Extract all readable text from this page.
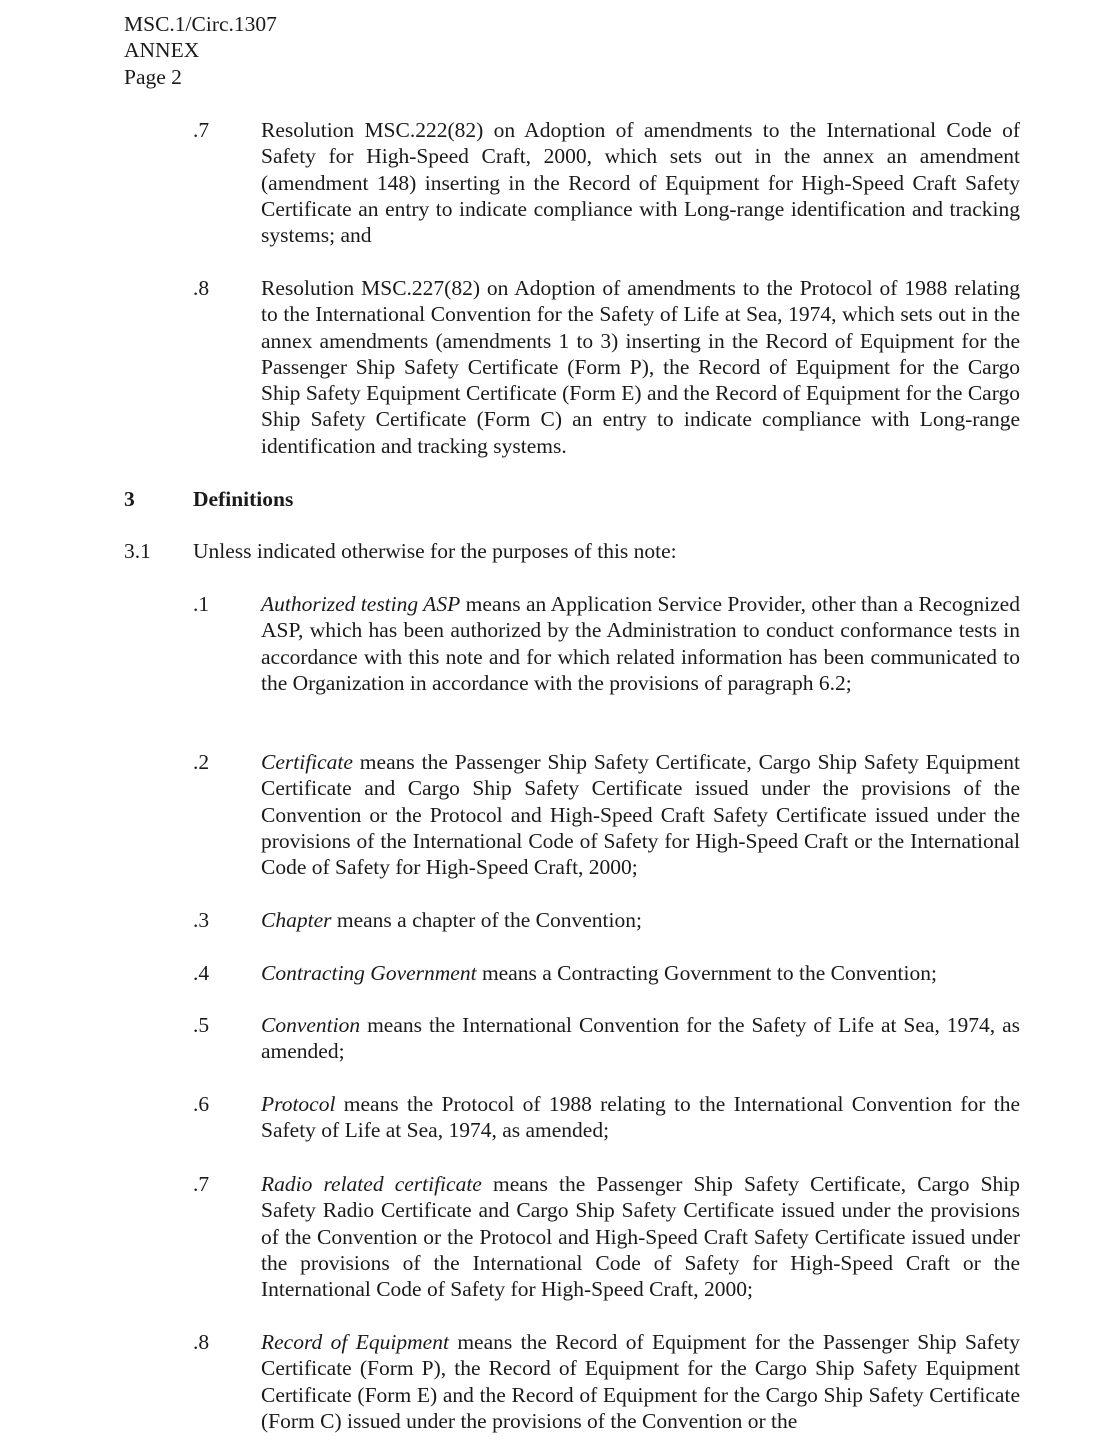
MSC.1/Circ.1307
ANNEX
Page 2
.7 Resolution MSC.222(82) on Adoption of amendments to the International Code of Safety for High-Speed Craft, 2000, which sets out in the annex an amendment (amendment 148) inserting in the Record of Equipment for High-Speed Craft Safety Certificate an entry to indicate compliance with Long-range identification and tracking systems; and
.8 Resolution MSC.227(82) on Adoption of amendments to the Protocol of 1988 relating to the International Convention for the Safety of Life at Sea, 1974, which sets out in the annex amendments (amendments 1 to 3) inserting in the Record of Equipment for the Passenger Ship Safety Certificate (Form P), the Record of Equipment for the Cargo Ship Safety Equipment Certificate (Form E) and the Record of Equipment for the Cargo Ship Safety Certificate (Form C) an entry to indicate compliance with Long-range identification and tracking systems.
3	Definitions
3.1 Unless indicated otherwise for the purposes of this note:
.1 Authorized testing ASP means an Application Service Provider, other than a Recognized ASP, which has been authorized by the Administration to conduct conformance tests in accordance with this note and for which related information has been communicated to the Organization in accordance with the provisions of paragraph 6.2;
.2 Certificate means the Passenger Ship Safety Certificate, Cargo Ship Safety Equipment Certificate and Cargo Ship Safety Certificate issued under the provisions of the Convention or the Protocol and High-Speed Craft Safety Certificate issued under the provisions of the International Code of Safety for High-Speed Craft or the International Code of Safety for High-Speed Craft, 2000;
.3 Chapter means a chapter of the Convention;
.4 Contracting Government means a Contracting Government to the Convention;
.5 Convention means the International Convention for the Safety of Life at Sea, 1974, as amended;
.6 Protocol means the Protocol of 1988 relating to the International Convention for the Safety of Life at Sea, 1974, as amended;
.7 Radio related certificate means the Passenger Ship Safety Certificate, Cargo Ship Safety Radio Certificate and Cargo Ship Safety Certificate issued under the provisions of the Convention or the Protocol and High-Speed Craft Safety Certificate issued under the provisions of the International Code of Safety for High-Speed Craft or the International Code of Safety for High-Speed Craft, 2000;
.8 Record of Equipment means the Record of Equipment for the Passenger Ship Safety Certificate (Form P), the Record of Equipment for the Cargo Ship Safety Equipment Certificate (Form E) and the Record of Equipment for the Cargo Ship Safety Certificate (Form C) issued under the provisions of the Convention or the
